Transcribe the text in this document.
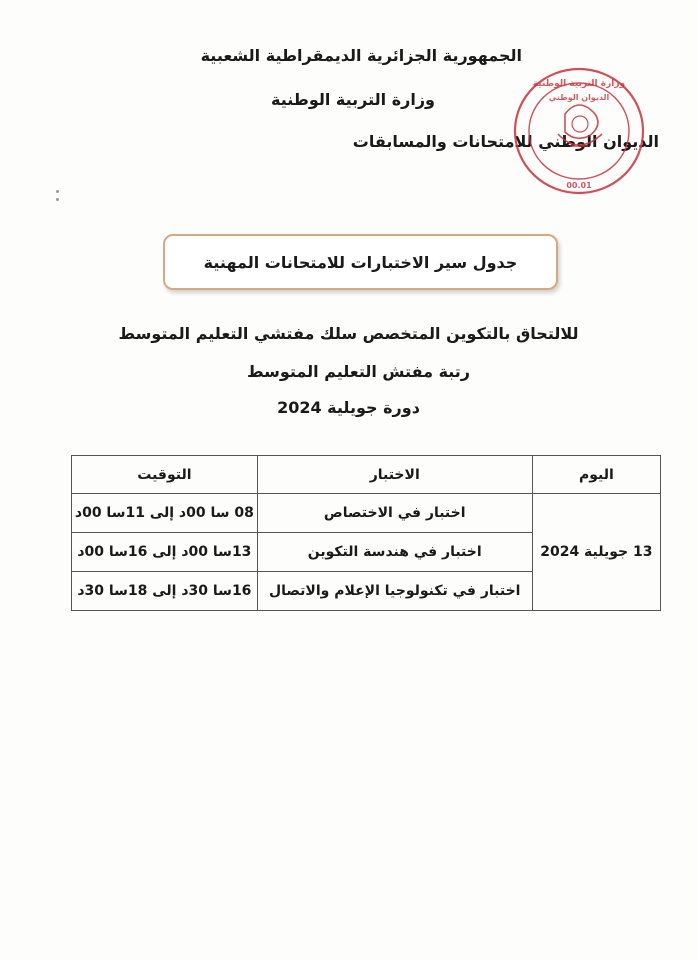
الجمهورية الجزائرية الديمقراطية الشعبية
وزارة التربية الوطنية
الديوان الوطني للامتحانات والمسابقات
وزارة التربية الوطنية
الديوان الوطني
00.01
جدول سير الاختبارات للامتحانات المهنية
للالتحاق بالتكوين المتخصص سلك مفتشي التعليم المتوسط
رتبة مفتش التعليم المتوسط
دورة جويلية 2024
اليوم	الاختبار	التوقيت
13 جويلية 2024	اختبار في الاختصاص	08 سا 00د إلى 11سا 00د
	اختبار في هندسة التكوين	13سا 00د إلى 16سا 00د
	اختبار في تكنولوجيا الإعلام والاتصال	16سا 30د إلى 18سا 30د
